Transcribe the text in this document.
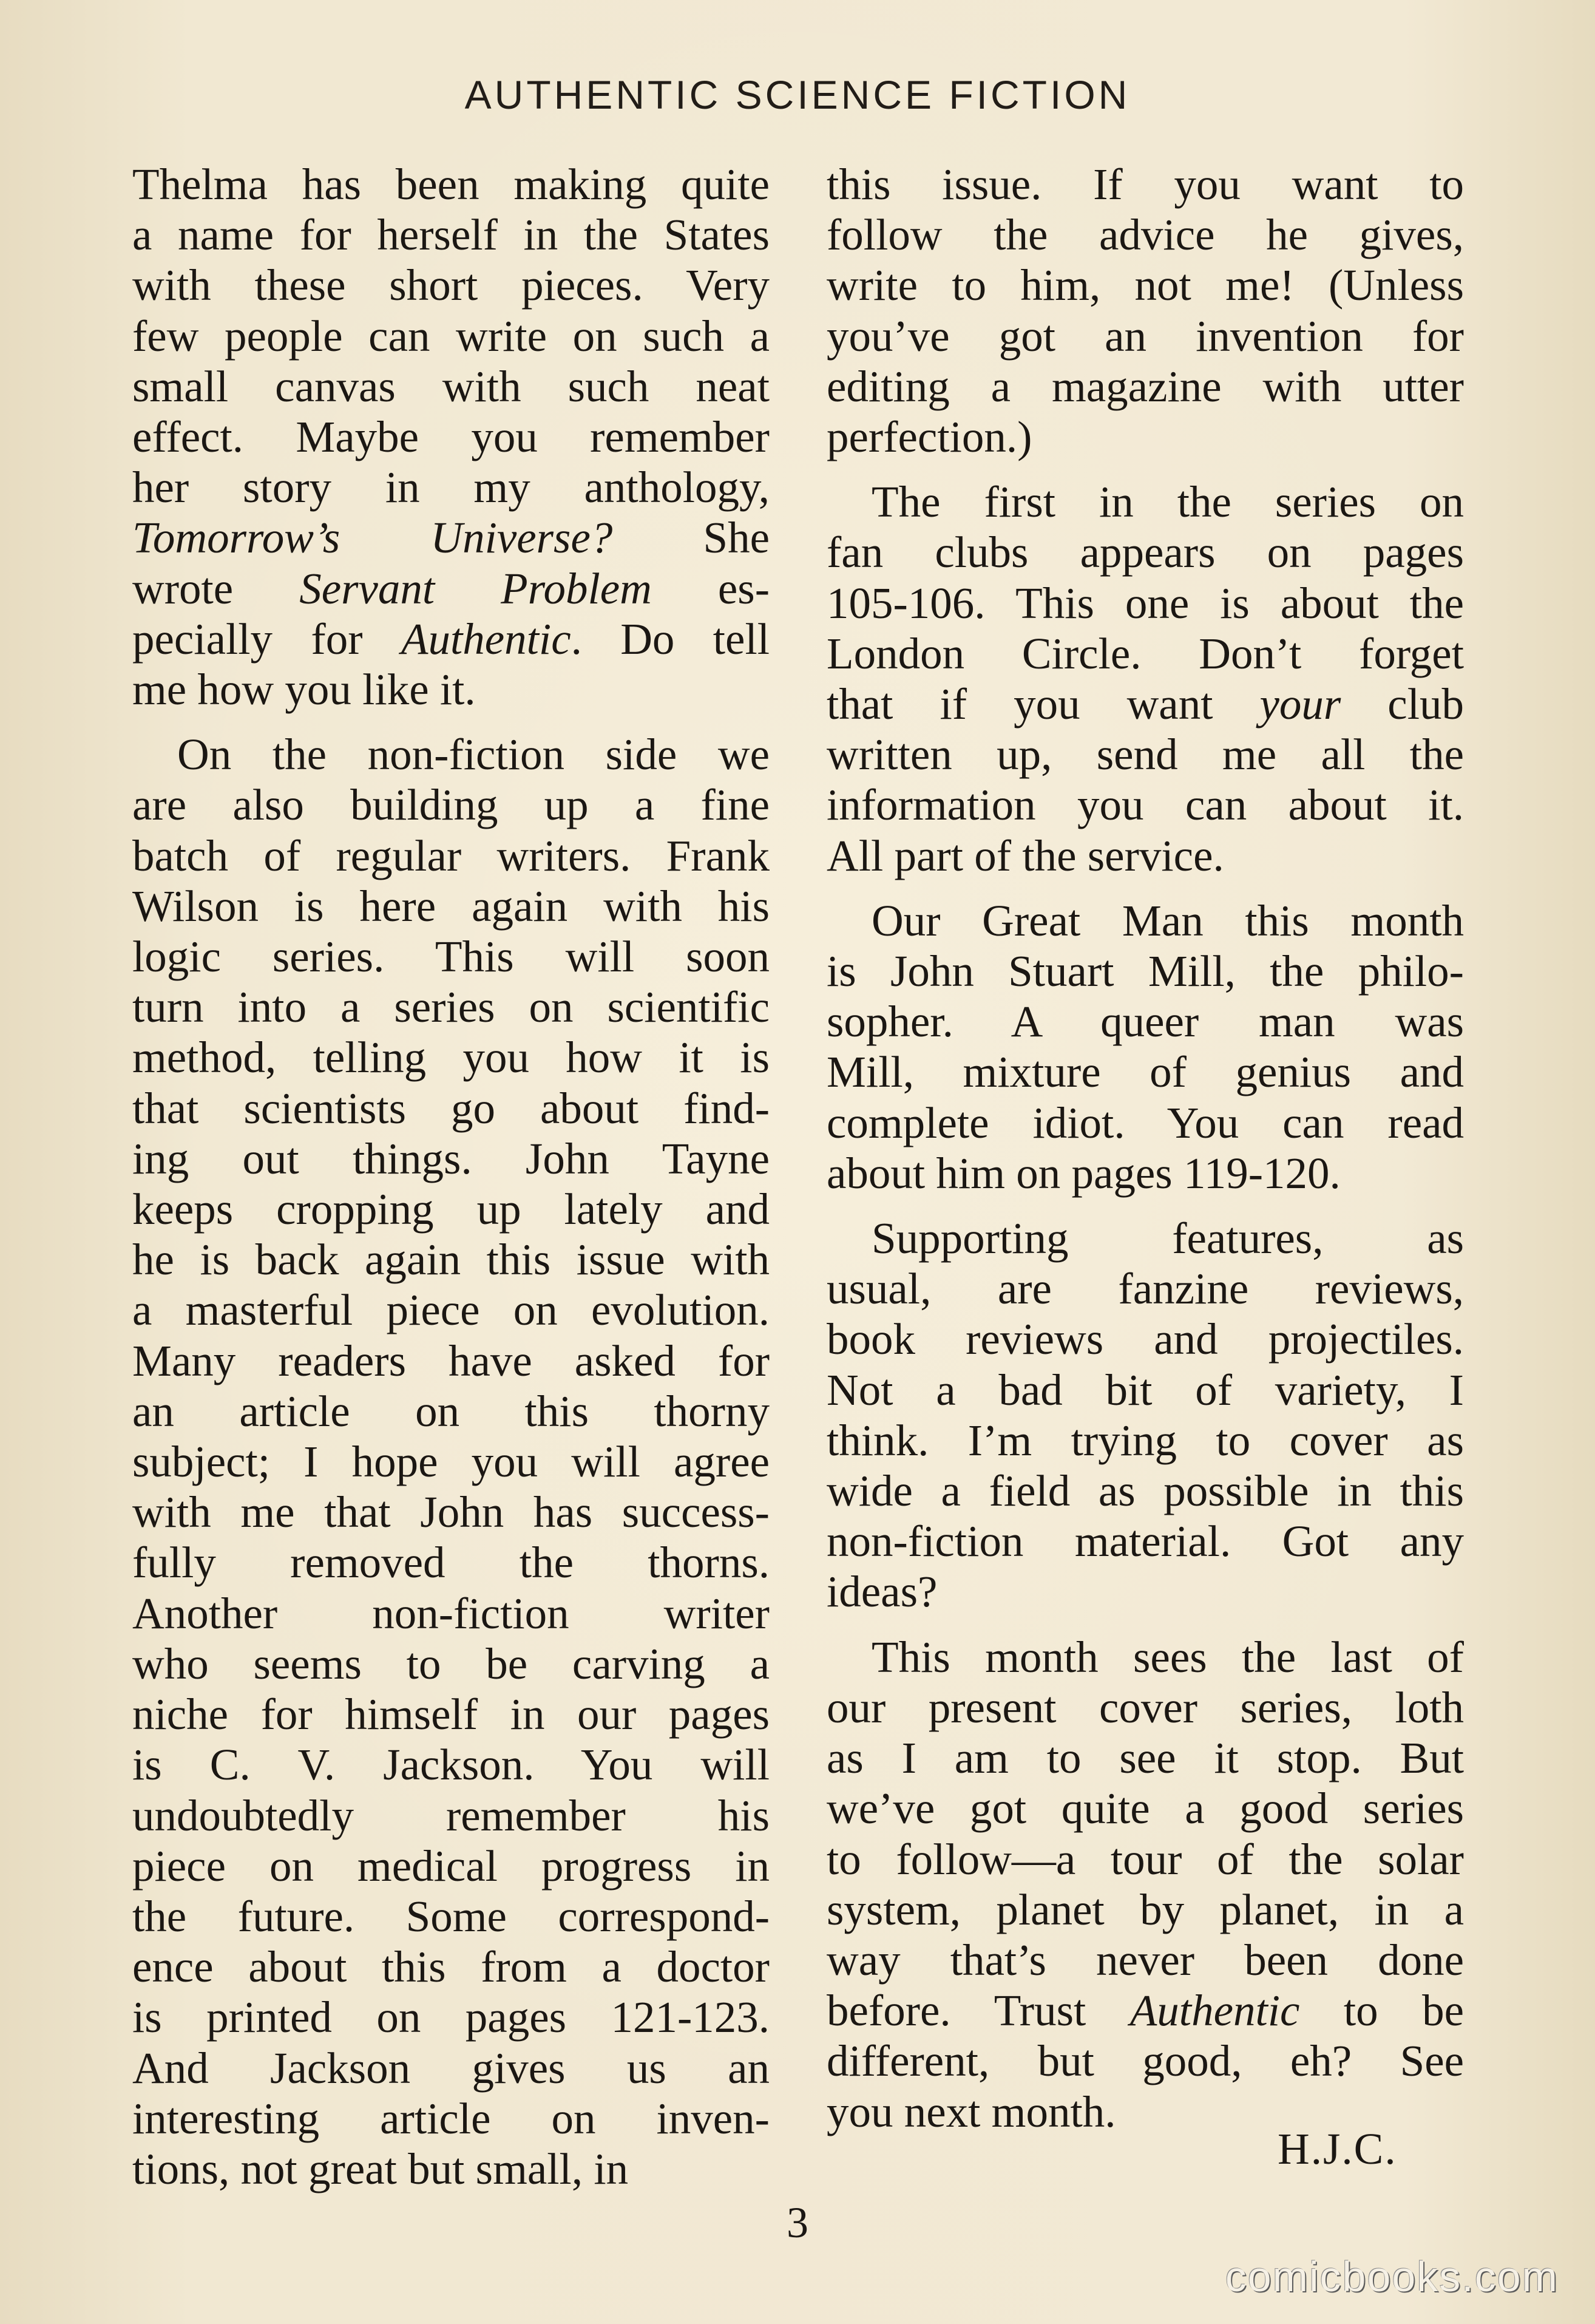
AUTHENTIC SCIENCE FICTION
Thelma has been making quite
a name for herself in the States
with these short pieces. Very
few people can write on such a
small canvas with such neat
effect. Maybe you remember
her story in my anthology,
Tomorrow’s Universe? She
wrote Servant Problem es-
pecially for Authentic. Do tell
me how you like it.
On the non-fiction side we
are also building up a fine
batch of regular writers. Frank
Wilson is here again with his
logic series. This will soon
turn into a series on scientific
method, telling you how it is
that scientists go about find-
ing out things. John Tayne
keeps cropping up lately and
he is back again this issue with
a masterful piece on evolution.
Many readers have asked for
an article on this thorny
subject; I hope you will agree
with me that John has success-
fully removed the thorns.
Another non-fiction writer
who seems to be carving a
niche for himself in our pages
is C. V. Jackson. You will
undoubtedly remember his
piece on medical progress in
the future. Some correspond-
ence about this from a doctor
is printed on pages 121-123.
And Jackson gives us an
interesting article on inven-
tions, not great but small, in
this issue. If you want to
follow the advice he gives,
write to him, not me! (Unless
you’ve got an invention for
editing a magazine with utter
perfection.)
The first in the series on
fan clubs appears on pages
105-106. This one is about the
London Circle. Don’t forget
that if you want your club
written up, send me all the
information you can about it.
All part of the service.
Our Great Man this month
is John Stuart Mill, the philo-
sopher. A queer man was
Mill, mixture of genius and
complete idiot. You can read
about him on pages 119-120.
Supporting features, as
usual, are fanzine reviews,
book reviews and projectiles.
Not a bad bit of variety, I
think. I’m trying to cover as
wide a field as possible in this
non-fiction material. Got any
ideas?
This month sees the last of
our present cover series, loth
as I am to see it stop. But
we’ve got quite a good series
to follow—a tour of the solar
system, planet by planet, in a
way that’s never been done
before. Trust Authentic to be
different, but good, eh? See
you next month.
H.J.C.
3
comicbooks.com
